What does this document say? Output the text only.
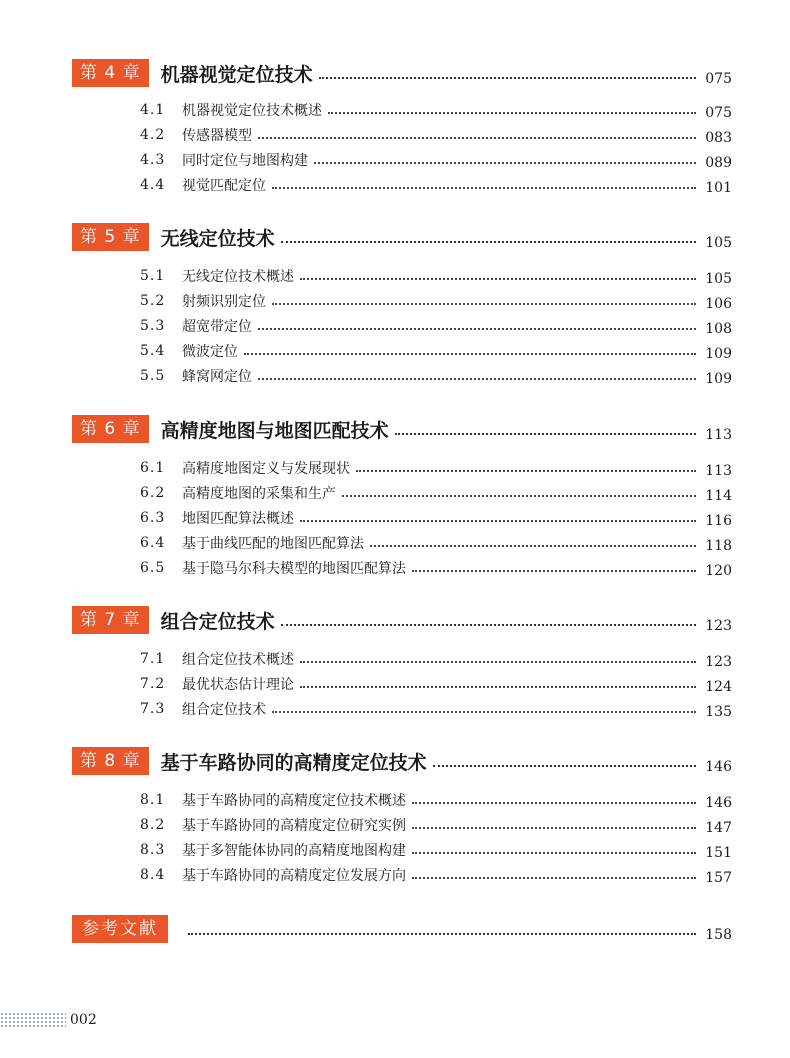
第 4 章	机器视觉定位技术	075
4.1	机器视觉定位技术概述	075
4.2	传感器模型	083
4.3	同时定位与地图构建	089
4.4	视觉匹配定位	101
第 5 章	无线定位技术	105
5.1	无线定位技术概述	105
5.2	射频识别定位	106
5.3	超宽带定位	108
5.4	微波定位	109
5.5	蜂窝网定位	109
第 6 章	高精度地图与地图匹配技术	113
6.1	高精度地图定义与发展现状	113
6.2	高精度地图的采集和生产	114
6.3	地图匹配算法概述	116
6.4	基于曲线匹配的地图匹配算法	118
6.5	基于隐马尔科夫模型的地图匹配算法	120
第 7 章	组合定位技术	123
7.1	组合定位技术概述	123
7.2	最优状态估计理论	124
7.3	组合定位技术	135
第 8 章	基于车路协同的高精度定位技术	146
8.1	基于车路协同的高精度定位技术概述	146
8.2	基于车路协同的高精度定位研究实例	147
8.3	基于多智能体协同的高精度地图构建	151
8.4	基于车路协同的高精度定位发展方向	157
参考文献	158
002
